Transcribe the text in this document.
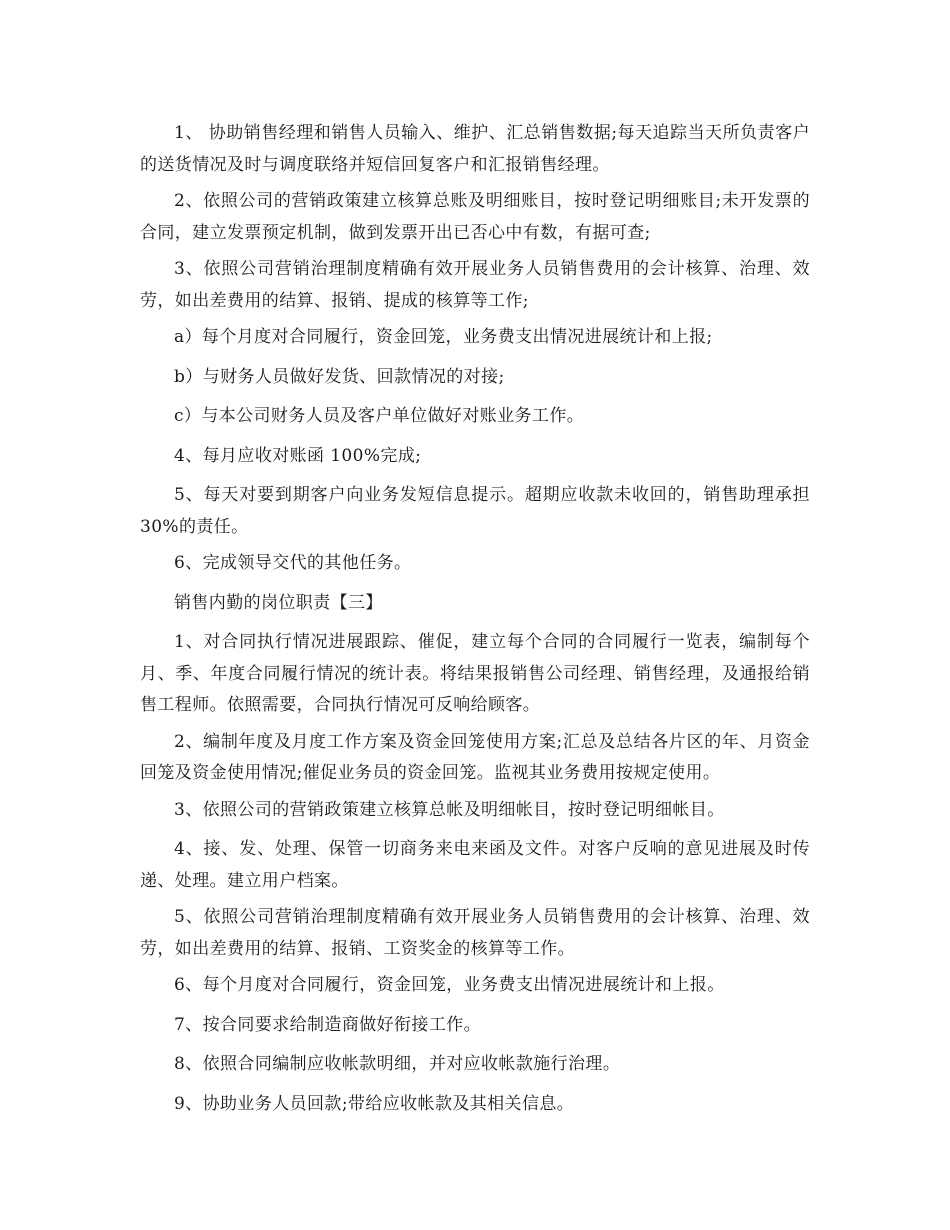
1、 协助销售经理和销售人员输入、维护、汇总销售数据;每天追踪当天所负责客户的送货情况及时与调度联络并短信回复客户和汇报销售经理。

2、依照公司的营销政策建立核算总账及明细账目，按时登记明细账目;未开发票的合同，建立发票预定机制，做到发票开出已否心中有数，有据可查;

3、依照公司营销治理制度精确有效开展业务人员销售费用的会计核算、治理、效劳，如出差费用的结算、报销、提成的核算等工作;

a）每个月度对合同履行，资金回笼，业务费支出情况进展统计和上报;

b）与财务人员做好发货、回款情况的对接;

c）与本公司财务人员及客户单位做好对账业务工作。

4、每月应收对账函 100%完成;

5、每天对要到期客户向业务发短信息提示。超期应收款未收回的，销售助理承担 30%的责任。

6、完成领导交代的其他任务。

销售内勤的岗位职责【三】

1、对合同执行情况进展跟踪、催促，建立每个合同的合同履行一览表，编制每个月、季、年度合同履行情况的统计表。将结果报销售公司经理、销售经理，及通报给销售工程师。依照需要，合同执行情况可反响给顾客。

2、编制年度及月度工作方案及资金回笼使用方案;汇总及总结各片区的年、月资金回笼及资金使用情况;催促业务员的资金回笼。监视其业务费用按规定使用。

3、依照公司的营销政策建立核算总帐及明细帐目，按时登记明细帐目。

4、接、发、处理、保管一切商务来电来函及文件。对客户反响的意见进展及时传递、处理。建立用户档案。

5、依照公司营销治理制度精确有效开展业务人员销售费用的会计核算、治理、效劳，如出差费用的结算、报销、工资奖金的核算等工作。

6、每个月度对合同履行，资金回笼，业务费支出情况进展统计和上报。

7、按合同要求给制造商做好衔接工作。

8、依照合同编制应收帐款明细，并对应收帐款施行治理。

9、协助业务人员回款;带给应收帐款及其相关信息。
